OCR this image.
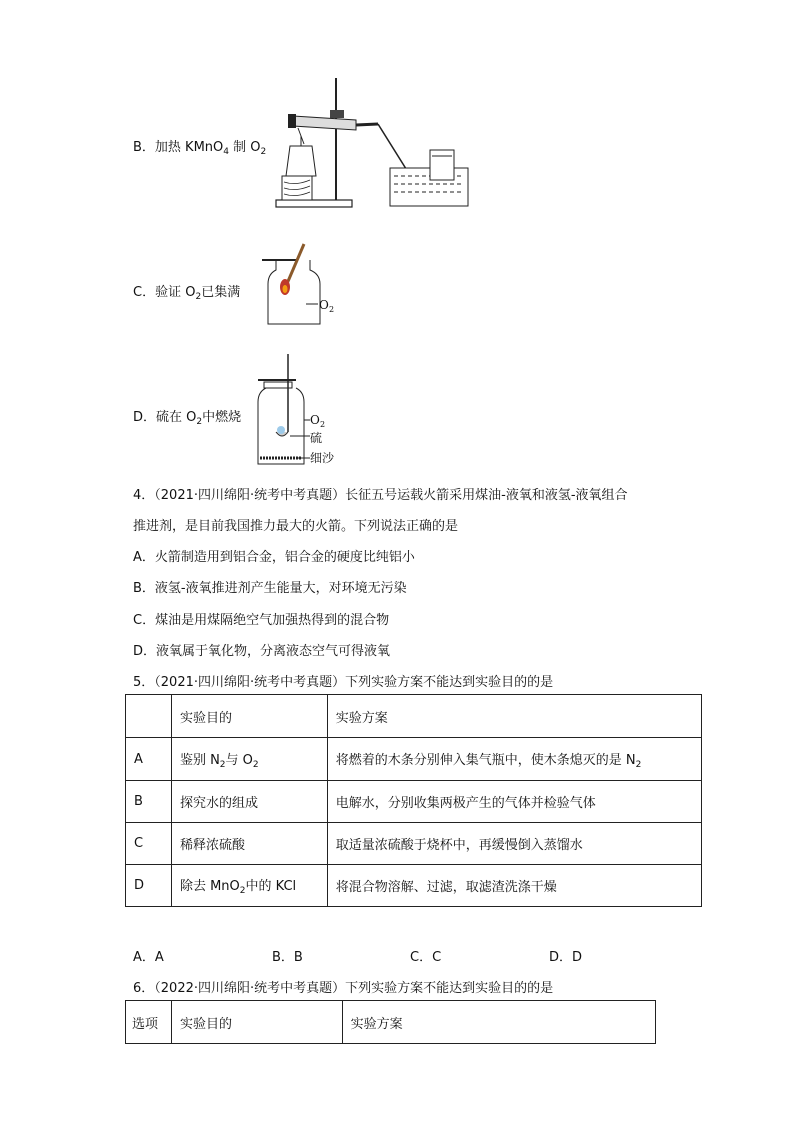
B．加热 KMnO$_4$ 制 $O_2$
C．验证 $O_2$已集满
O 2
D．硫在 $O_2$中燃烧	O 2
硫
细沙
4．（2021·四川绵阳·统考中考真题）长征五号运载火箭采用煤油-液氧和液氢-液氧组合
推进剂，是目前我国推力最大的火箭。下列说法正确的是
A．火箭制造用到铝合金，铝合金的硬度比纯铝小
B．液氢-液氧推进剂产生能量大，对环境无污染
C．煤油是用煤隔绝空气加强热得到的混合物
D．液氧属于氧化物，分离液态空气可得液氧
5．（2021·四川绵阳·统考中考真题）下列实验方案不能达到实验目的的是
	实验目的	实验方案
A	鉴别 $N_2$与 $O_2$	将燃着的木条分别伸入集气瓶中，使木条熄灭的是 $N_2$
B	探究水的组成	电解水，分别收集两极产生的气体并检验气体
C	稀释浓硫酸	取适量浓硫酸于烧杯中，再缓慢倒入蒸馏水
D	除去 MnO$_2$中的 KCl	将混合物溶解、过滤，取滤渣洗涤干燥
A．A	B．B	C．C	D．D
6．（2022·四川绵阳·统考中考真题）下列实验方案不能达到实验目的的是
选项	实验目的	实验方案
